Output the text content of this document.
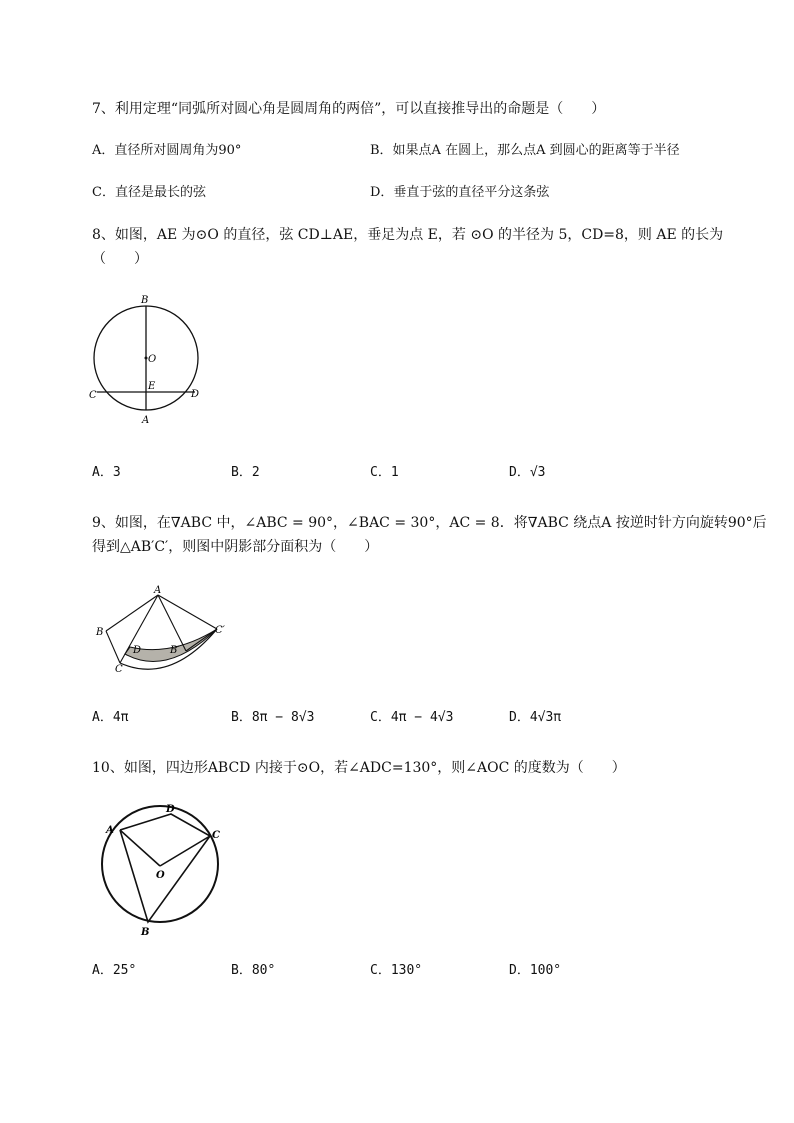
7、利用定理“同弧所对圆心角是圆周角的两倍”，可以直接推导出的命题是（　　）
A．直径所对圆周角为90°	B．如果点A 在圆上，那么点A 到圆心的距离等于半径
C．直径是最长的弦	D．垂直于弦的直径平分这条弦
8、如图，AE 为⊙O 的直径，弦 CD⊥AE，垂足为点 E，若 ⊙O 的半径为 5，CD=8，则 AE 的长为
（　　）
B
O
E
C	D
A
A．3	B．2	C．1	D．√3
9、如图，在∇ABC 中，∠ABC = 90°，∠BAC = 30°，AC = 8．将∇ABC 绕点A 按逆时针方向旋转90°后
得到△AB′C′，则图中阴影部分面积为（　　）
A
B
C
D	B′
C′
A．4π	B．8π − 8√3	C．4π − 4√3	D．4√3π
10、如图，四边形ABCD 内接于⊙O，若∠ADC=130°，则∠AOC 的度数为（　　）
A
D
C
O
B
A．25°	B．80°	C．130°	D．100°
